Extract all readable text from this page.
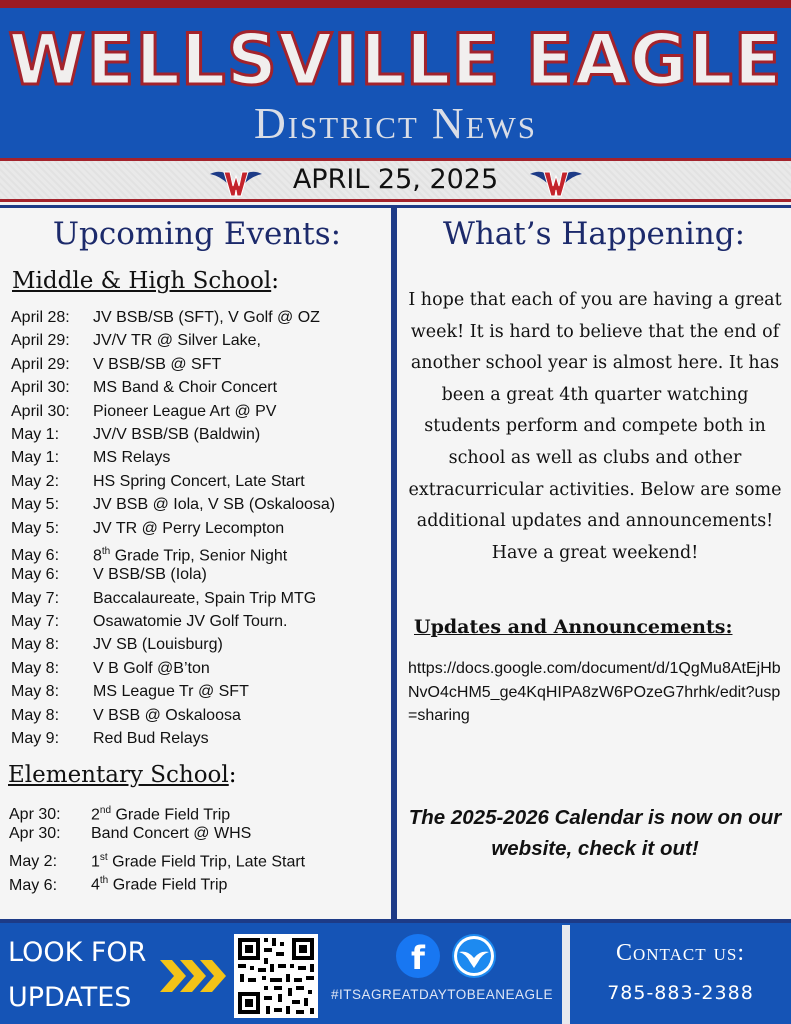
WELLSVILLE EAGLE
District News
APRIL 25, 2025
Upcoming Events:
Middle & High School:
April 28: JV BSB/SB (SFT), V Golf @ OZ
April 29: JV/V TR @ Silver Lake,
April 29: V BSB/SB @ SFT
April 30: MS Band & Choir Concert
April 30: Pioneer League Art @ PV
May 1: JV/V BSB/SB (Baldwin)
May 1: MS Relays
May 2: HS Spring Concert, Late Start
May 5: JV BSB @ Iola, V SB (Oskaloosa)
May 5: JV TR @ Perry Lecompton
May 6: 8th Grade Trip, Senior Night
May 6: V BSB/SB (Iola)
May 7: Baccalaureate, Spain Trip MTG
May 7: Osawatomie JV Golf Tourn.
May 8: JV SB (Louisburg)
May 8: V B Golf @B’ton
May 8: MS League Tr @ SFT
May 8: V BSB @ Oskaloosa
May 9: Red Bud Relays
Elementary School:
Apr 30: 2nd Grade Field Trip
Apr 30: Band Concert @ WHS
May 2: 1st Grade Field Trip, Late Start
May 6: 4th Grade Field Trip
What’s Happening:
I hope that each of you are having a great week! It is hard to believe that the end of another school year is almost here. It has been a great 4th quarter watching students perform and compete both in school as well as clubs and other extracurricular activities. Below are some additional updates and announcements! Have a great weekend!
Updates and Announcements:
https://docs.google.com/document/d/1QgMu8AtEjHbNvO4cHM5_ge4KqHIPA8zW6POzeG7hrhk/edit?usp=sharing
The 2025-2026 Calendar is now on our website, check it out!
LOOK FOR
UPDATES
f
#ITSAGREATDAYTOBEANEAGLE
Contact us:
785-883-2388
